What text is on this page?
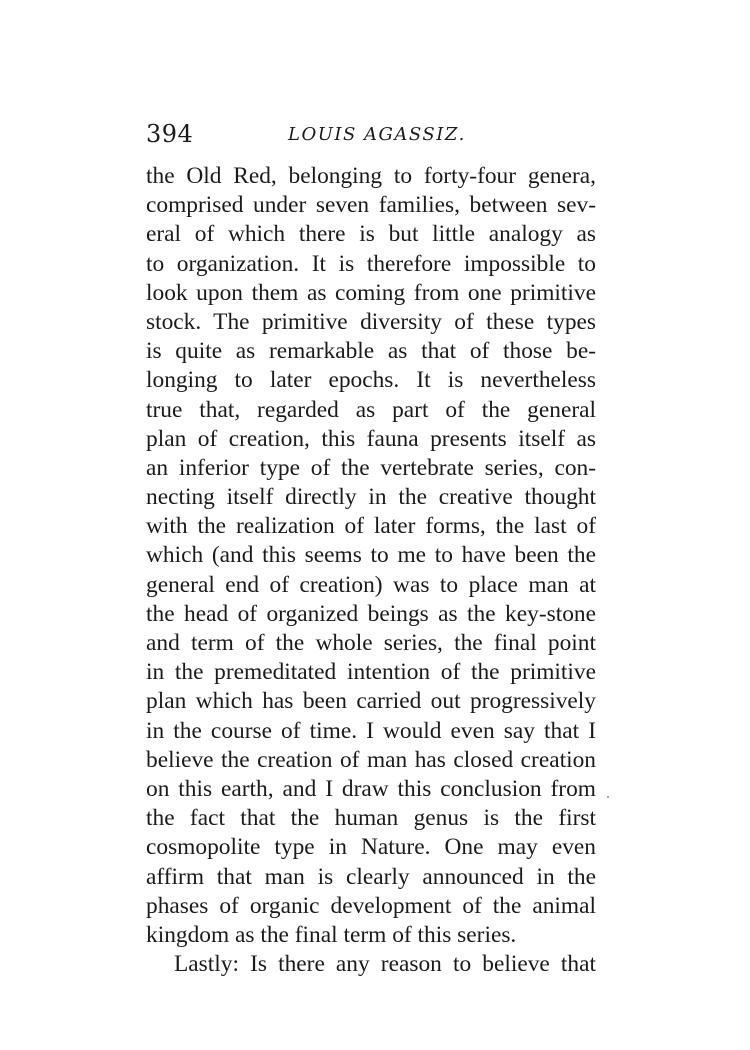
394	LOUIS AGASSIZ.
the Old Red, belonging to forty-four genera,
comprised under seven families, between sev-
eral of which there is but little analogy as
to organization. It is therefore impossible to
look upon them as coming from one primitive
stock. The primitive diversity of these types
is quite as remarkable as that of those be-
longing to later epochs. It is nevertheless
true that, regarded as part of the general
plan of creation, this fauna presents itself as
an inferior type of the vertebrate series, con-
necting itself directly in the creative thought
with the realization of later forms, the last of
which (and this seems to me to have been the
general end of creation) was to place man at
the head of organized beings as the key-stone
and term of the whole series, the final point
in the premeditated intention of the primitive
plan which has been carried out progressively
in the course of time. I would even say that I
believe the creation of man has closed creation
on this earth, and I draw this conclusion from
the fact that the human genus is the first
cosmopolite type in Nature. One may even
affirm that man is clearly announced in the
phases of organic development of the animal
kingdom as the final term of this series.
Lastly: Is there any reason to believe that
